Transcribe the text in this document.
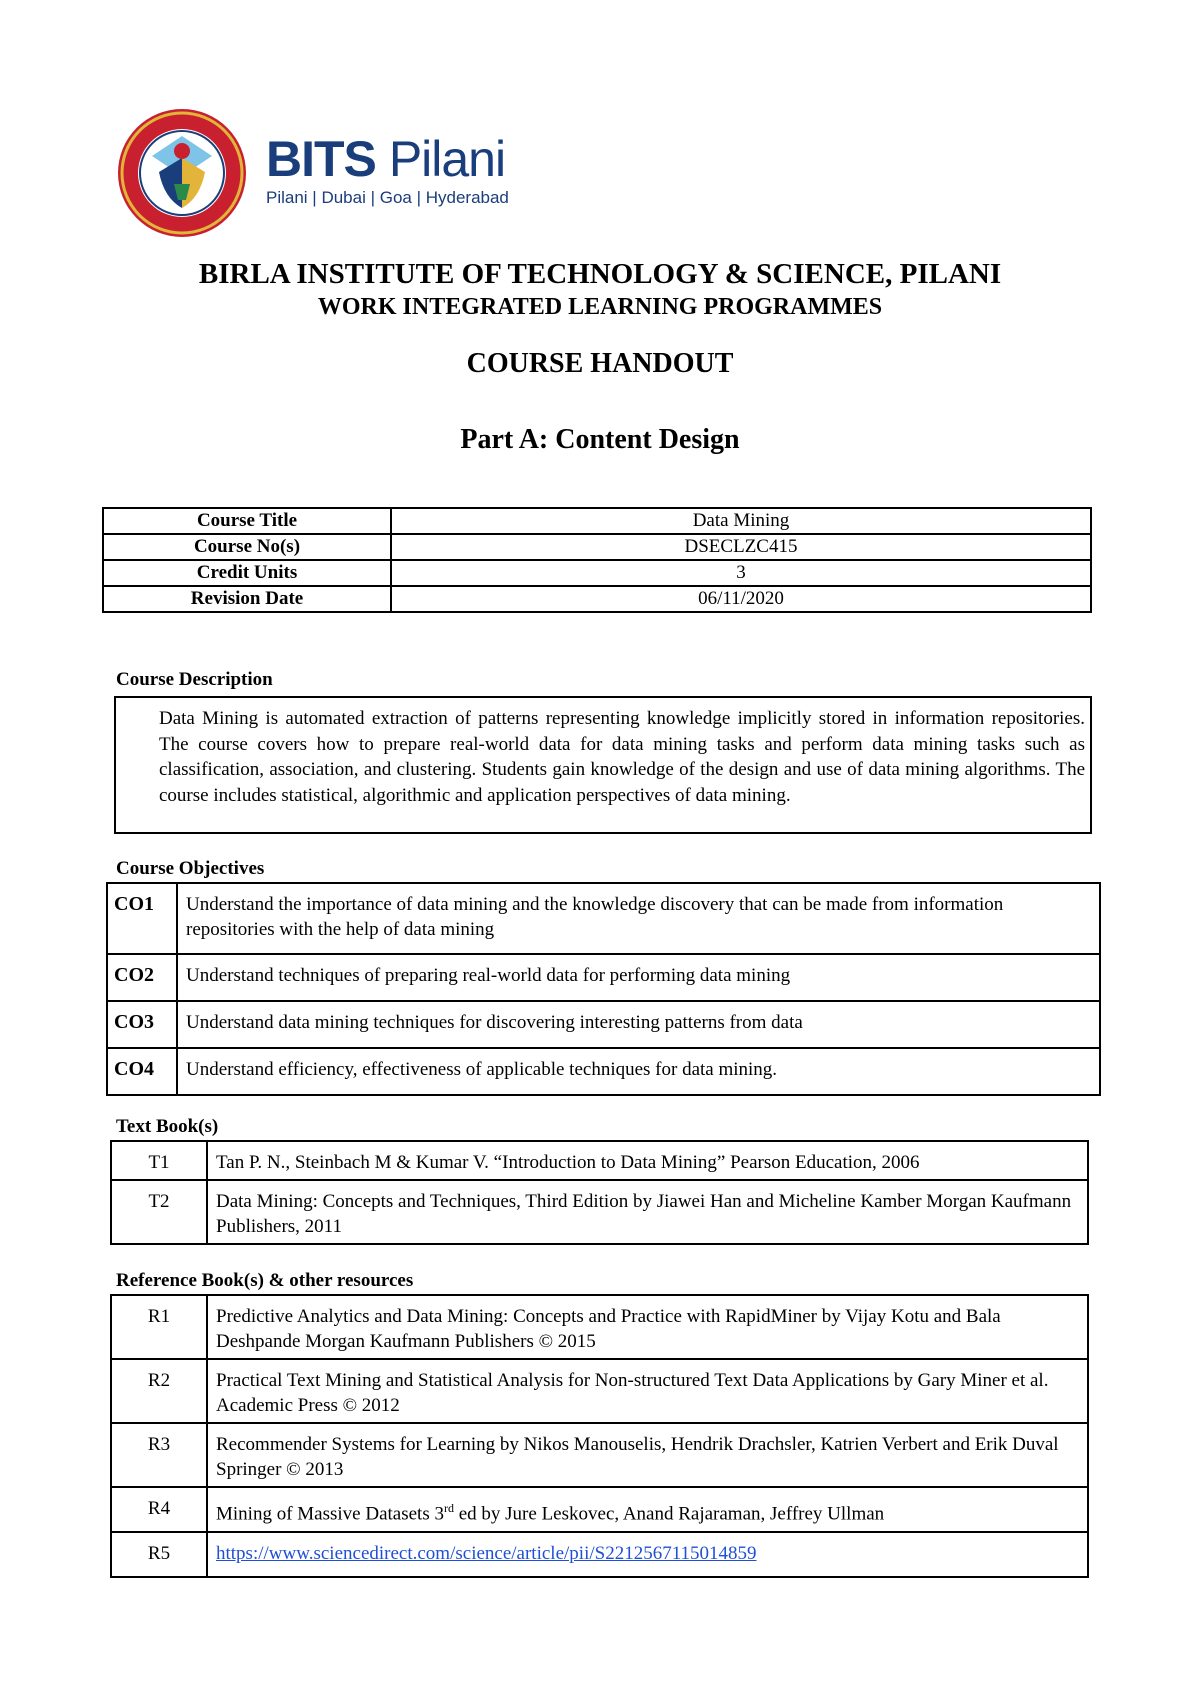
BITS Pilani
Pilani | Dubai | Goa | Hyderabad
BIRLA INSTITUTE OF TECHNOLOGY & SCIENCE, PILANI
WORK INTEGRATED LEARNING PROGRAMMES
COURSE HANDOUT
Part A: Content Design
Course Title	Data Mining
Course No(s)	DSECLZC415
Credit Units	3
Revision Date	06/11/2020
Course Description
Data Mining is automated extraction of patterns representing knowledge implicitly stored in information repositories. The course covers how to prepare real-world data for data mining tasks and perform data mining tasks such as classification, association, and clustering. Students gain knowledge of the design and use of data mining algorithms. The course includes statistical, algorithmic and application perspectives of data mining.
Course Objectives
CO1	Understand the importance of data mining and the knowledge discovery that can be made from information repositories with the help of data mining
CO2	Understand techniques of preparing real-world data for performing data mining
CO3	Understand data mining techniques for discovering interesting patterns from data
CO4	Understand efficiency, effectiveness of applicable techniques for data mining.
Text Book(s)
T1	Tan P. N., Steinbach M & Kumar V. “Introduction to Data Mining” Pearson Education, 2006
T2	Data Mining: Concepts and Techniques, Third Edition by Jiawei Han and Micheline Kamber Morgan Kaufmann Publishers, 2011
Reference Book(s) & other resources
R1	Predictive Analytics and Data Mining: Concepts and Practice with RapidMiner by Vijay Kotu and Bala Deshpande Morgan Kaufmann Publishers © 2015
R2	Practical Text Mining and Statistical Analysis for Non-structured Text Data Applications by Gary Miner et al. Academic Press © 2012
R3	Recommender Systems for Learning by Nikos Manouselis, Hendrik Drachsler, Katrien Verbert and Erik Duval Springer © 2013
R4	Mining of Massive Datasets 3rd ed by Jure Leskovec, Anand Rajaraman, Jeffrey Ullman
R5	https://www.sciencedirect.com/science/article/pii/S2212567115014859
